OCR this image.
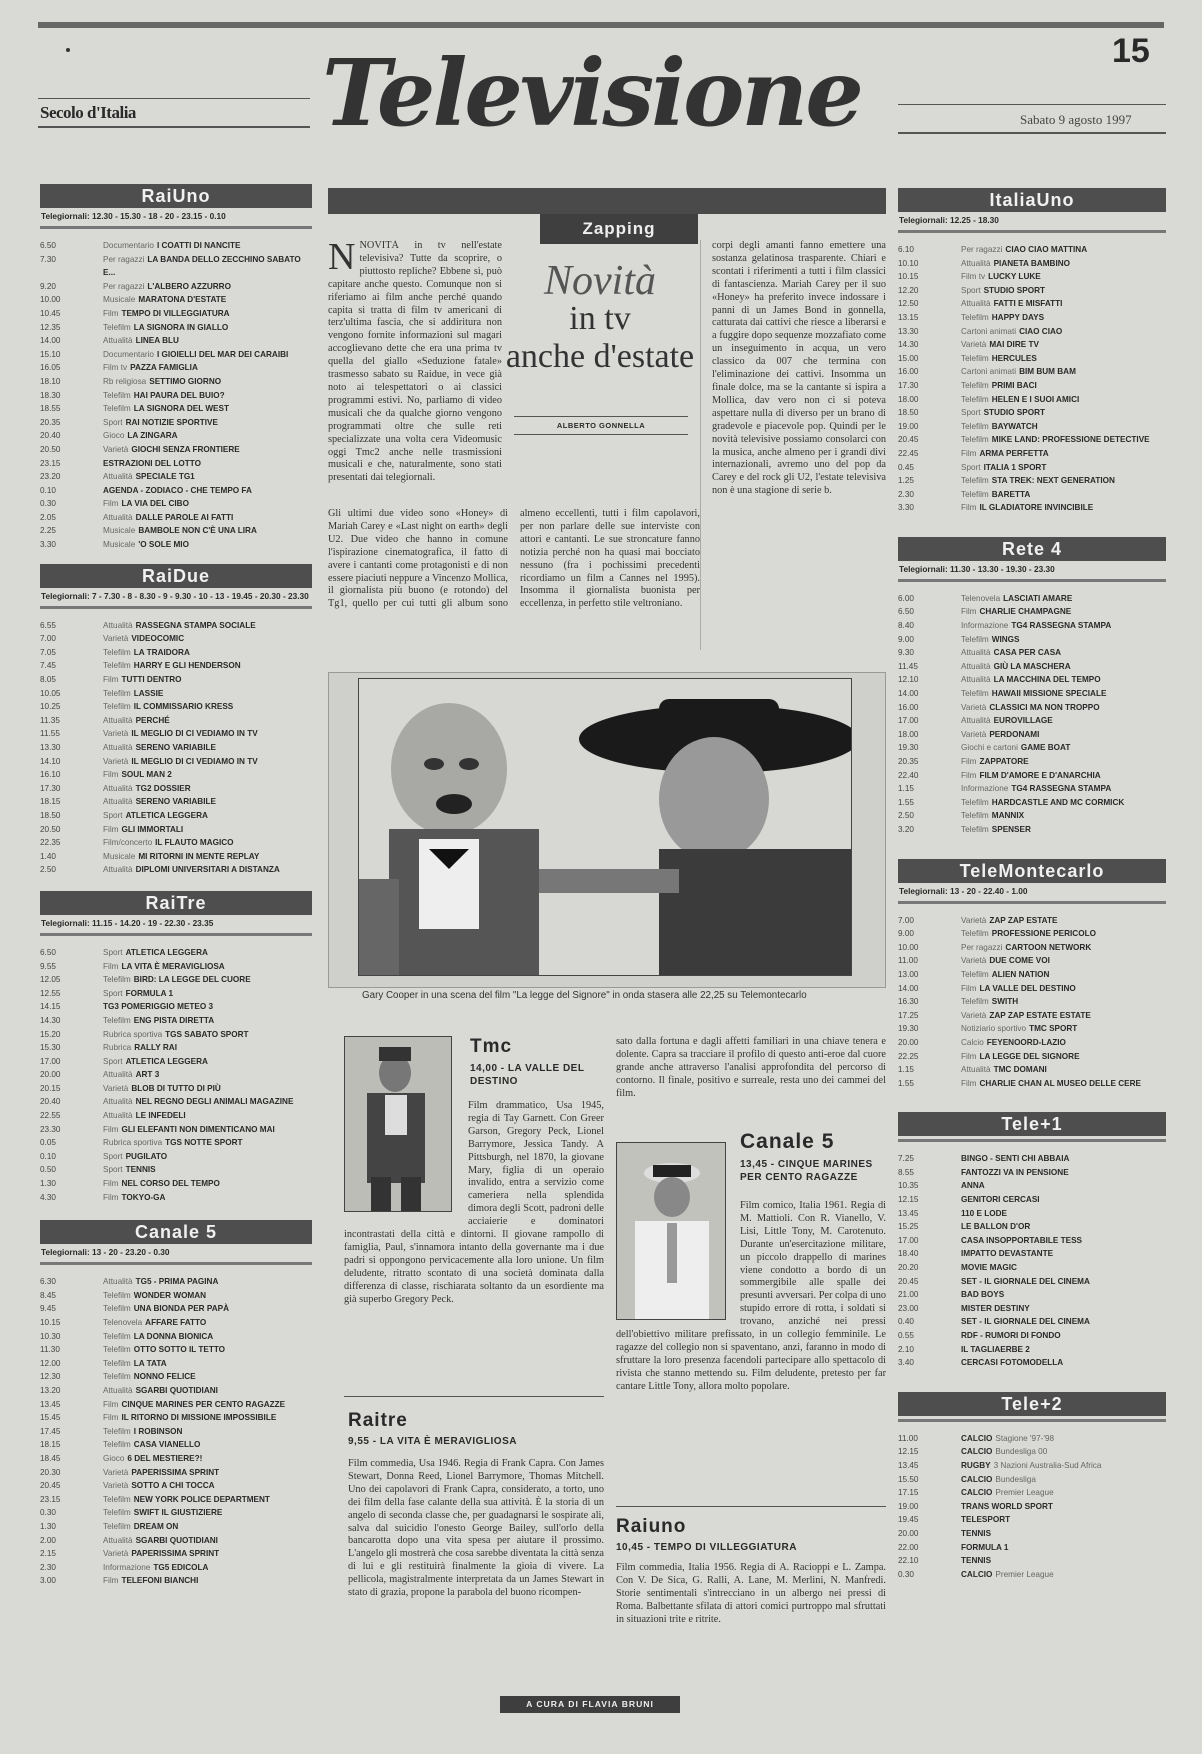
15
Secolo d'Italia Televisione	Sabato 9 agosto 1997
RaiUno
Telegiornali: 12.30 - 15.30 - 18 - 20 - 23.15 - 0.10
6.50	Documentario I COATTI DI NANCITE
7.30	Per ragazzi LA BANDA DELLO ZECCHINO SABATO E...
9.20	Per ragazzi L'ALBERO AZZURRO
10.00	Musicale MARATONA D'ESTATE
10.45	Film TEMPO DI VILLEGGIATURA
12.35	Telefilm LA SIGNORA IN GIALLO
14.00	Attualità LINEA BLU
15.10	Documentario I GIOIELLI DEL MAR DEI CARAIBI
16.05	Film tv PAZZA FAMIGLIA
18.10	Rb religiosa SETTIMO GIORNO
18.30	Telefilm HAI PAURA DEL BUIO?
18.55	Telefilm LA SIGNORA DEL WEST
20.35	Sport RAI NOTIZIE SPORTIVE
20.40	Gioco LA ZINGARA
20.50	Varietà GIOCHI SENZA FRONTIERE
23.15	ESTRAZIONI DEL LOTTO
23.20	Attualità SPECIALE TG1
0.10	AGENDA - ZODIACO - CHE TEMPO FA
0.30	Film LA VIA DEL CIBO
2.05	Attualità DALLE PAROLE AI FATTI
2.25	Musicale BAMBOLE NON C'È UNA LIRA
3.30	Musicale 'O SOLE MIO
RaiDue
Telegiornali: 7 - 7.30 - 8 - 8.30 - 9 - 9.30 - 10 - 13 - 19.45 - 20.30 - 23.30
6.55	Attualità RASSEGNA STAMPA SOCIALE
7.00	Varietà VIDEOCOMIC
7.05	Telefilm LA TRAIDORA
7.45	Telefilm HARRY E GLI HENDERSON
8.05	Film TUTTI DENTRO
10.05	Telefilm LASSIE
10.25	Telefilm IL COMMISSARIO KRESS
11.35	Attualità PERCHÉ
11.55	Varietà IL MEGLIO DI CI VEDIAMO IN TV
13.30	Attualità SERENO VARIABILE
14.10	Varietà IL MEGLIO DI CI VEDIAMO IN TV
16.10	Film SOUL MAN 2
17.30	Attualità TG2 DOSSIER
18.15	Attualità SERENO VARIABILE
18.50	Sport ATLETICA LEGGERA
20.50	Film GLI IMMORTALI
22.35	Film/concerto IL FLAUTO MAGICO
1.40	Musicale MI RITORNI IN MENTE REPLAY
2.50	Attualità DIPLOMI UNIVERSITARI A DISTANZA
RaiTre
Telegiornali: 11.15 - 14.20 - 19 - 22.30 - 23.35
6.50	Sport ATLETICA LEGGERA
9.55	Film LA VITA È MERAVIGLIOSA
12.05	Telefilm BIRD: LA LEGGE DEL CUORE
12.55	Sport FORMULA 1
14.15	TG3 POMERIGGIO METEO 3
14.30	Telefilm ENG PISTA DIRETTA
15.20	Rubrica sportiva TGS SABATO SPORT
15.30	Rubrica RALLY RAI
17.00	Sport ATLETICA LEGGERA
20.00	Attualità ART 3
20.15	Varietà BLOB DI TUTTO DI PIÙ
20.40	Attualità NEL REGNO DEGLI ANIMALI MAGAZINE
22.55	Attualità LE INFEDELI
23.30	Film GLI ELEFANTI NON DIMENTICANO MAI
0.05	Rubrica sportiva TGS NOTTE SPORT
0.10	Sport PUGILATO
0.50	Sport TENNIS
1.30	Film NEL CORSO DEL TEMPO
4.30	Film TOKYO-GA
Canale 5
Telegiornali: 13 - 20 - 23.20 - 0.30
6.30	Attualità TG5 - PRIMA PAGINA
8.45	Telefilm WONDER WOMAN
9.45	Telefilm UNA BIONDA PER PAPÀ
10.15	Telenovela AFFARE FATTO
10.30	Telefilm LA DONNA BIONICA
11.30	Telefilm OTTO SOTTO IL TETTO
12.00	Telefilm LA TATA
12.30	Telefilm NONNO FELICE
13.20	Attualità SGARBI QUOTIDIANI
13.45	Film CINQUE MARINES PER CENTO RAGAZZE
15.45	Film IL RITORNO DI MISSIONE IMPOSSIBILE
17.45	Telefilm I ROBINSON
18.15	Telefilm CASA VIANELLO
18.45	Gioco 6 DEL MESTIERE?!
20.30	Varietà PAPERISSIMA SPRINT
20.45	Varietà SOTTO A CHI TOCCA
23.15	Telefilm NEW YORK POLICE DEPARTMENT
0.30	Telefilm SWIFT IL GIUSTIZIERE
1.30	Telefilm DREAM ON
2.00	Attualità SGARBI QUOTIDIANI
2.15	Varietà PAPERISSIMA SPRINT
2.30	Informazione TG5 EDICOLA
3.00	Film TELEFONI BIANCHI
ItaliaUno
Telegiornali: 12.25 - 18.30
6.10	Per ragazzi CIAO CIAO MATTINA
10.10	Attualità PIANETA BAMBINO
10.15	Film tv LUCKY LUKE
12.20	Sport STUDIO SPORT
12.50	Attualità FATTI E MISFATTI
13.15	Telefilm HAPPY DAYS
13.30	Cartoni animati CIAO CIAO
14.30	Varietà MAI DIRE TV
15.00	Telefilm HERCULES
16.00	Cartoni animati BIM BUM BAM
17.30	Telefilm PRIMI BACI
18.00	Telefilm HELEN E I SUOI AMICI
18.50	Sport STUDIO SPORT
19.00	Telefilm BAYWATCH
20.45	Telefilm MIKE LAND: PROFESSIONE DETECTIVE
22.45	Film ARMA PERFETTA
0.45	Sport ITALIA 1 SPORT
1.25	Telefilm STA TREK: NEXT GENERATION
2.30	Telefilm BARETTA
3.30	Film IL GLADIATORE INVINCIBILE
Rete 4
Telegiornali: 11.30 - 13.30 - 19.30 - 23.30
6.00	Telenovela LASCIATI AMARE
6.50	Film CHARLIE CHAMPAGNE
8.40	Informazione TG4 RASSEGNA STAMPA
9.00	Telefilm WINGS
9.30	Attualità CASA PER CASA
11.45	Attualità GIÙ LA MASCHERA
12.10	Attualità LA MACCHINA DEL TEMPO
14.00	Telefilm HAWAII MISSIONE SPECIALE
16.00	Varietà CLASSICI MA NON TROPPO
17.00	Attualità EUROVILLAGE
18.00	Varietà PERDONAMI
19.30	Giochi e cartoni GAME BOAT
20.35	Film ZAPPATORE
22.40	Film FILM D'AMORE E D'ANARCHIA
1.15	Informazione TG4 RASSEGNA STAMPA
1.55	Telefilm HARDCASTLE AND MC CORMICK
2.50	Telefilm MANNIX
3.20	Telefilm SPENSER
TeleMontecarlo
Telegiornali: 13 - 20 - 22.40 - 1.00
7.00	Varietà ZAP ZAP ESTATE
9.00	Telefilm PROFESSIONE PERICOLO
10.00	Per ragazzi CARTOON NETWORK
11.00	Varietà DUE COME VOI
13.00	Telefilm ALIEN NATION
14.00	Film LA VALLE DEL DESTINO
16.30	Telefilm SWITH
17.25	Varietà ZAP ZAP ESTATE ESTATE
19.30	Notiziario sportivo TMC SPORT
20.00	Calcio FEYENOORD-LAZIO
22.25	Film LA LEGGE DEL SIGNORE
1.15	Attualità TMC DOMANI
1.55	Film CHARLIE CHAN AL MUSEO DELLE CERE
Tele+1
7.25	BINGO - SENTI CHI ABBAIA
8.55	FANTOZZI VA IN PENSIONE
10.35	ANNA
12.15	GENITORI CERCASI
13.45	110 E LODE
15.25	LE BALLON D'OR
17.00	CASA INSOPPORTABILE TESS
18.40	IMPATTO DEVASTANTE
20.20	MOVIE MAGIC
20.45	SET - IL GIORNALE DEL CINEMA
21.00	BAD BOYS
23.00	MISTER DESTINY
0.40	SET - IL GIORNALE DEL CINEMA
0.55	RDF - RUMORI DI FONDO
2.10	IL TAGLIAERBE 2
3.40	CERCASI FOTOMODELLA
Tele+2
11.00	CALCIO Stagione '97-'98
12.15	CALCIO Bundesliga 00
13.45	RUGBY 3 Nazioni Australia-Sud Africa
15.50	CALCIO Bundesliga
17.15	CALCIO Premier League
19.00	TRANS WORLD SPORT
19.45	TELESPORT
20.00	TENNIS
22.00	FORMULA 1
22.10	TENNIS
0.30	CALCIO Premier League
Zapping
NNOVITÀ in tv nell'estate televisiva? Tutte da scoprire, o piuttosto repliche? Ebbene sì, può capitare anche questo. Comunque non si riferiamo ai film anche perché quando capita si tratta di film tv americani di terz'ultima fascia, che si addiritura non vengono fornite informazioni sul magari accoglievano dette che era una prima tv quella del giallo «Seduzione fatale» trasmesso sabato su Raidue, in vece già noto ai telespettatori o ai classici programmi estivi. No, parliamo di video musicali che da qualche giorno vengono programmati oltre che sulle reti specializzate una volta cera Videomusic oggi Tmc2 anche nelle trasmissioni musicali e che, naturalmente, sono stati presentati dai telegiornali.
Novità
in tv
anche d'estate
ALBERTO GONNELLA
Gli ultimi due video sono «Honey» di Mariah Carey e «Last night on earth» degli U2. Due video che hanno in comune l'ispirazione cinematografica, il fatto di avere i cantanti come protagonisti e di non essere piaciuti neppure a Vincenzo Mollica, il giornalista più buono (e rotondo) del Tg1, quello per cui tutti gli album sono almeno eccellenti, tutti i film capolavori, per non parlare delle sue interviste con attori e cantanti. Le sue stroncature fanno notizia perché non ha quasi mai bocciato nessuno (fra i pochissimi precedenti ricordiamo un film a Cannes nel 1995). Insomma il giornalista buonista per eccellenza, in perfetto stile veltroniano.
corpi degli amanti fanno emettere una sostanza gelatinosa trasparente. Chiari e scontati i riferimenti a tutti i film classici di fantascienza. Mariah Carey per il suo «Honey» ha preferito invece indossare i panni di un James Bond in gonnella, catturata dai cattivi che riesce a liberarsi e a fuggire dopo sequenze mozzafiato come un inseguimento in acqua, un vero classico da 007 che termina con l'eliminazione dei cattivi. Insomma un finale dolce, ma se la cantante si ispira a Mollica, dav vero non ci si poteva aspettare nulla di diverso per un brano di gradevole e piacevole pop. Quindi per le novità televisive possiamo consolarci con la musica, anche almeno per i grandi divi internazionali, avremo uno del pop da Carey e del rock gli U2, l'estate televisiva non è una stagione di serie b.
Gary Cooper in una scena del film "La legge del Signore" in onda stasera alle 22,25 su Telemontecarlo
Tmc
14,00 - LA VALLE DEL DESTINO
Film drammatico, Usa 1945, regia di Tay Garnett. Con Greer Garson, Gregory Peck, Lionel Barrymore, Jessica Tandy. A Pittsburgh, nel 1870, la giovane Mary, figlia di un operaio invalido, entra a servizio come cameriera nella splendida dimora degli Scott, padroni delle acciaierie e dominatori incontrastati della città e dintorni. Il giovane rampollo di famiglia, Paul, s'innamora intanto della governante ma i due padri si oppongono pervicacemente alla loro unione. Un film deludente, ritratto scontato di una società dominata dalla differenza di classe, rischiarata soltanto da un esordiente ma già superbo Gregory Peck.
sato dalla fortuna e dagli affetti familiari in una chiave tenera e dolente. Capra sa tracciare il profilo di questo anti-eroe dal cuore grande anche attraverso l'analisi approfondita del percorso di contorno. Il finale, positivo e surreale, resta uno dei cammei del film.
Canale 5
13,45 - CINQUE MARINES PER CENTO RAGAZZE
Film comico, Italia 1961. Regia di M. Mattioli. Con R. Vianello, V. Lisi, Little Tony, M. Carotenuto. Durante un'esercitazione militare, un piccolo drappello di marines viene condotto a bordo di un sommergibile alle spalle dei presunti avversari. Per colpa di uno stupido errore di rotta, i soldati si trovano, anziché nei pressi dell'obiettivo militare prefissato, in un collegio femminile. Le ragazze del collegio non si spaventano, anzi, faranno in modo di sfruttare la loro presenza facendoli partecipare allo spettacolo di rivista che stanno mettendo su. Film deludente, pretesto per far cantare Little Tony, allora molto popolare.
Raitre
9,55 - LA VITA È MERAVIGLIOSA
Film commedia, Usa 1946. Regia di Frank Capra. Con James Stewart, Donna Reed, Lionel Barrymore, Thomas Mitchell. Uno dei capolavori di Frank Capra, considerato, a torto, uno dei film della fase calante della sua attività. È la storia di un angelo di seconda classe che, per guadagnarsi le sospirate ali, salva dal suicidio l'onesto George Bailey, sull'orlo della bancarotta dopo una vita spesa per aiutare il prossimo. L'angelo gli mostrerà che cosa sarebbe diventata la città senza di lui e gli restituirà finalmente la gioia di vivere. La pellicola, magistralmente interpretata da un James Stewart in stato di grazia, propone la parabola del buono ricompen-
Raiuno
10,45 - TEMPO DI VILLEGGIATURA
Film commedia, Italia 1956. Regia di A. Racioppi e L. Zampa. Con V. De Sica, G. Ralli, A. Lane, M. Merlini, N. Manfredi. Storie sentimentali s'intrecciano in un albergo nei pressi di Roma. Balbettante sfilata di attori comici purtroppo mal sfruttati in situazioni trite e ritrite.
A CURA DI FLAVIA BRUNI
